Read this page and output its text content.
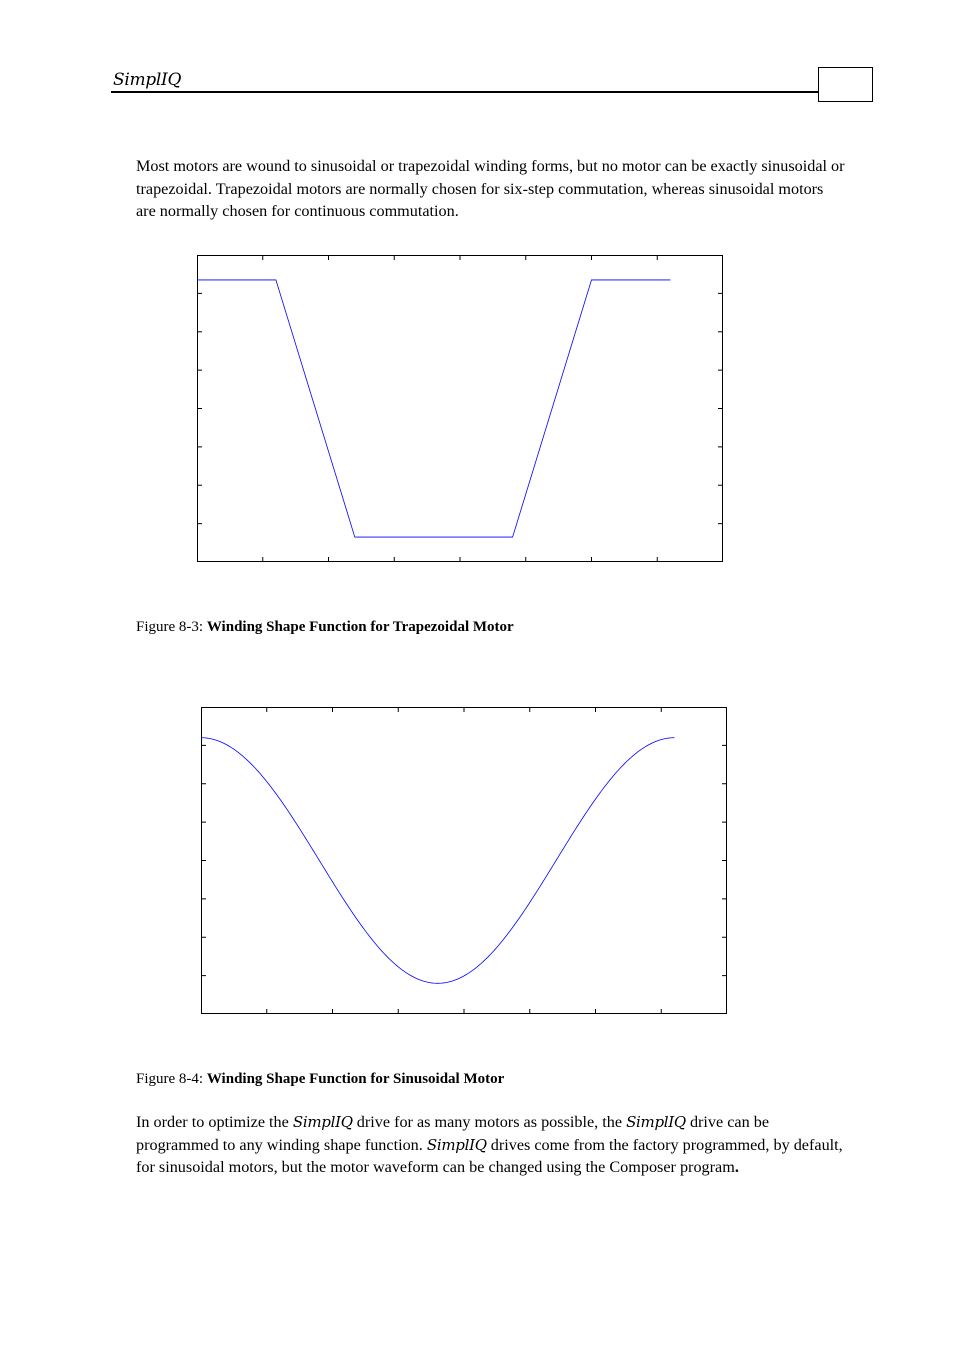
SimplIQ
Most motors are wound to sinusoidal or trapezoidal winding forms, but no motor can be exactly sinusoidal or trapezoidal. Trapezoidal motors are normally chosen for six-step commutation, whereas sinusoidal motors are normally chosen for continuous commutation.
Figure 8-3: Winding Shape Function for Trapezoidal Motor
Figure 8-4: Winding Shape Function for Sinusoidal Motor
In order to optimize the SimplIQ drive for as many motors as possible, the SimplIQ drive can be programmed to any winding shape function. SimplIQ drives come from the factory programmed, by default, for sinusoidal motors, but the motor waveform can be changed using the Composer program.
